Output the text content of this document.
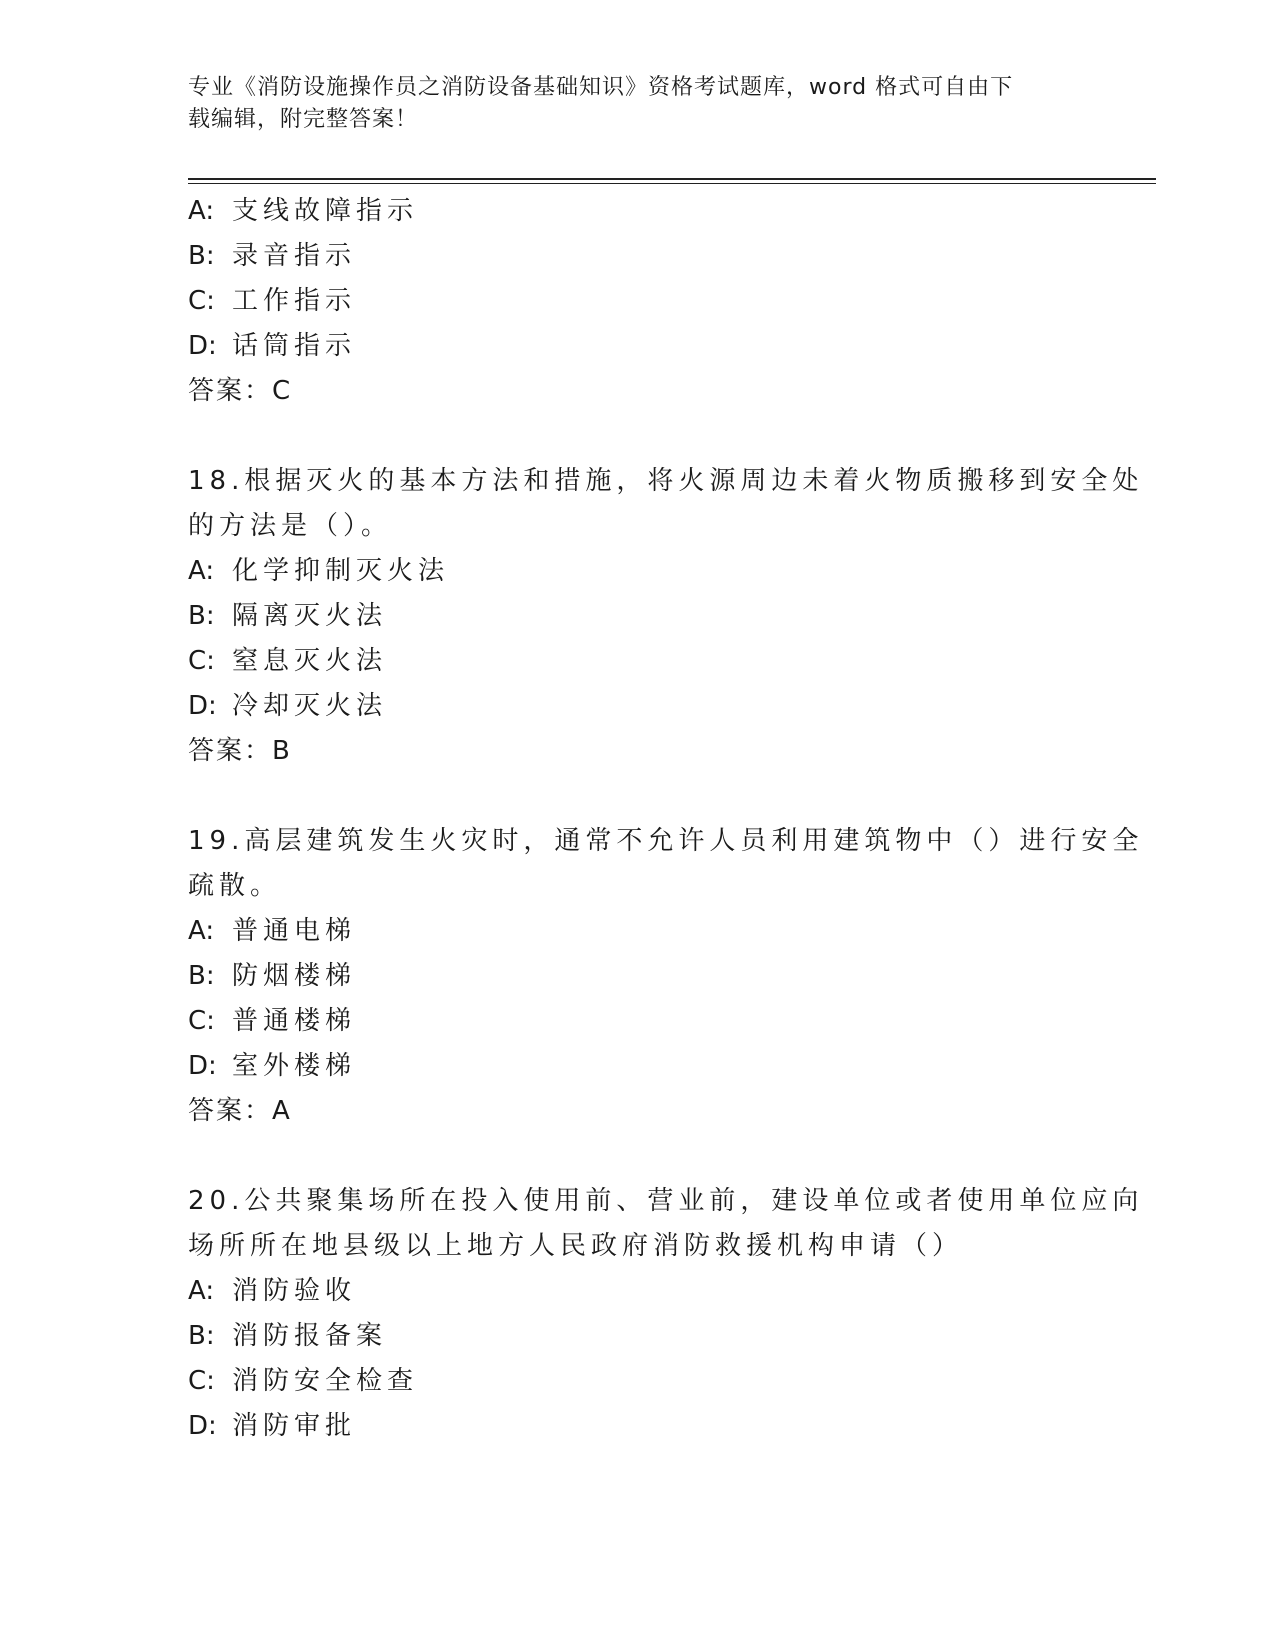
专业《消防设施操作员之消防设备基础知识》资格考试题库，word 格式可自由下
载编辑，附完整答案！
A: 支线故障指示
B: 录音指示
C: 工作指示
D: 话筒指示
答案：C
18.根据灭火的基本方法和措施，将火源周边未着火物质搬移到安全处
的方法是（）。
A: 化学抑制灭火法
B: 隔离灭火法
C: 窒息灭火法
D: 冷却灭火法
答案：B
19.高层建筑发生火灾时，通常不允许人员利用建筑物中（）进行安全
疏散。
A: 普通电梯
B: 防烟楼梯
C: 普通楼梯
D: 室外楼梯
答案：A
20.公共聚集场所在投入使用前、营业前，建设单位或者使用单位应向
场所所在地县级以上地方人民政府消防救援机构申请（）
A: 消防验收
B: 消防报备案
C: 消防安全检查
D: 消防审批
